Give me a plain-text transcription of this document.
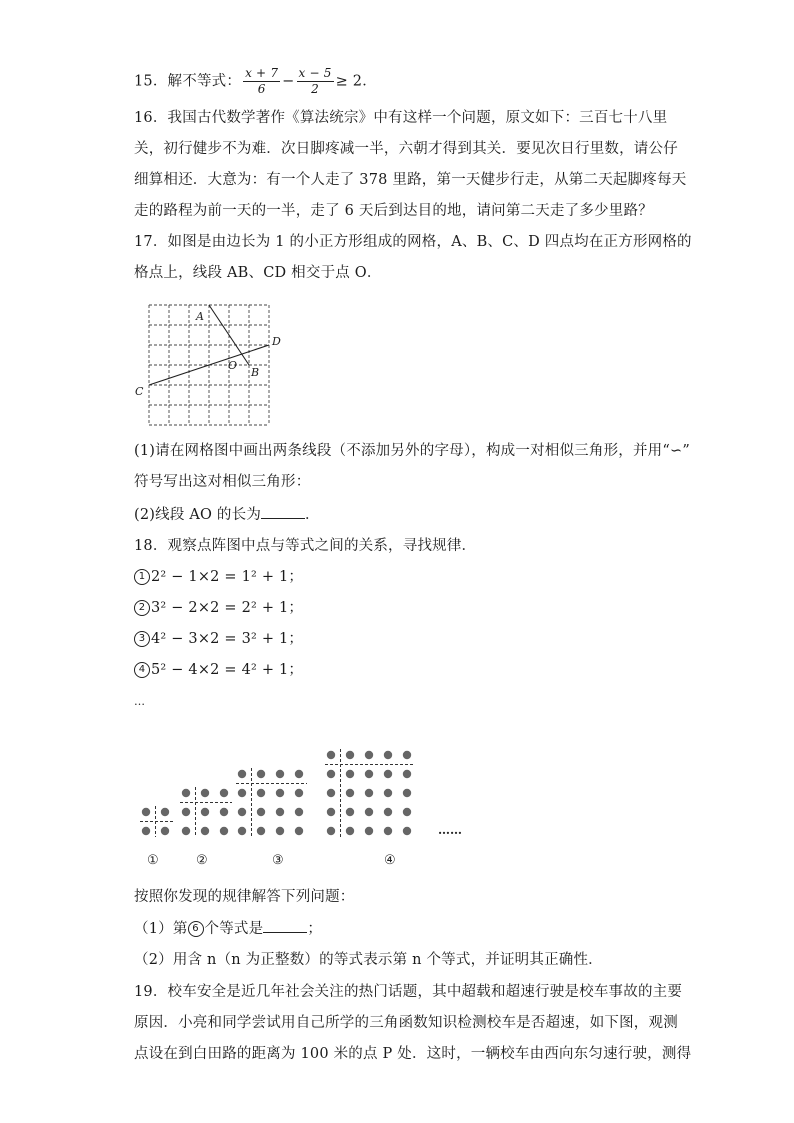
15．解不等式： $\frac{x + 7}{6} - \frac{x - 5}{2} \ge 2$．
16．我国古代数学著作《算法统宗》中有这样一个问题，原文如下：三百七十八里
关，初行健步不为难．次日脚疼减一半，六朝才得到其关．要见次日行里数，请公仔
细算相还．大意为：有一个人走了 378 里路，第一天健步行走，从第二天起脚疼每天
走的路程为前一天的一半，走了 6 天后到达目的地，请问第二天走了多少里路？
17．如图是由边长为 1 的小正方形组成的网格，A、B、C、D 四点均在正方形网格的
格点上，线段 AB、CD 相交于点 O．
A
B
C
D
O
(1)请在网格图中画出两条线段（不添加另外的字母），构成一对相似三角形，并用“∽”
符号写出这对相似三角形：
(2)线段 AO 的长为	．
18．观察点阵图中点与等式之间的关系，寻找规律．
1 2² − 1×2 = 1² + 1；
2 3² − 2×2 = 2² + 1；
3 4² − 3×2 = 3² + 1；
4 5² − 4×2 = 4² + 1；
…
①	②	③	④
……
按照你发现的规律解答下列问题：
（1）第 6 个等式是	；
（2）用含 n（n 为正整数）的等式表示第 n 个等式，并证明其正确性．
19．校车安全是近几年社会关注的热门话题，其中超载和超速行驶是校车事故的主要
原因．小亮和同学尝试用自己所学的三角函数知识检测校车是否超速，如下图，观测
点设在到白田路的距离为 100 米的点 P 处．这时，一辆校车由西向东匀速行驶，测得
